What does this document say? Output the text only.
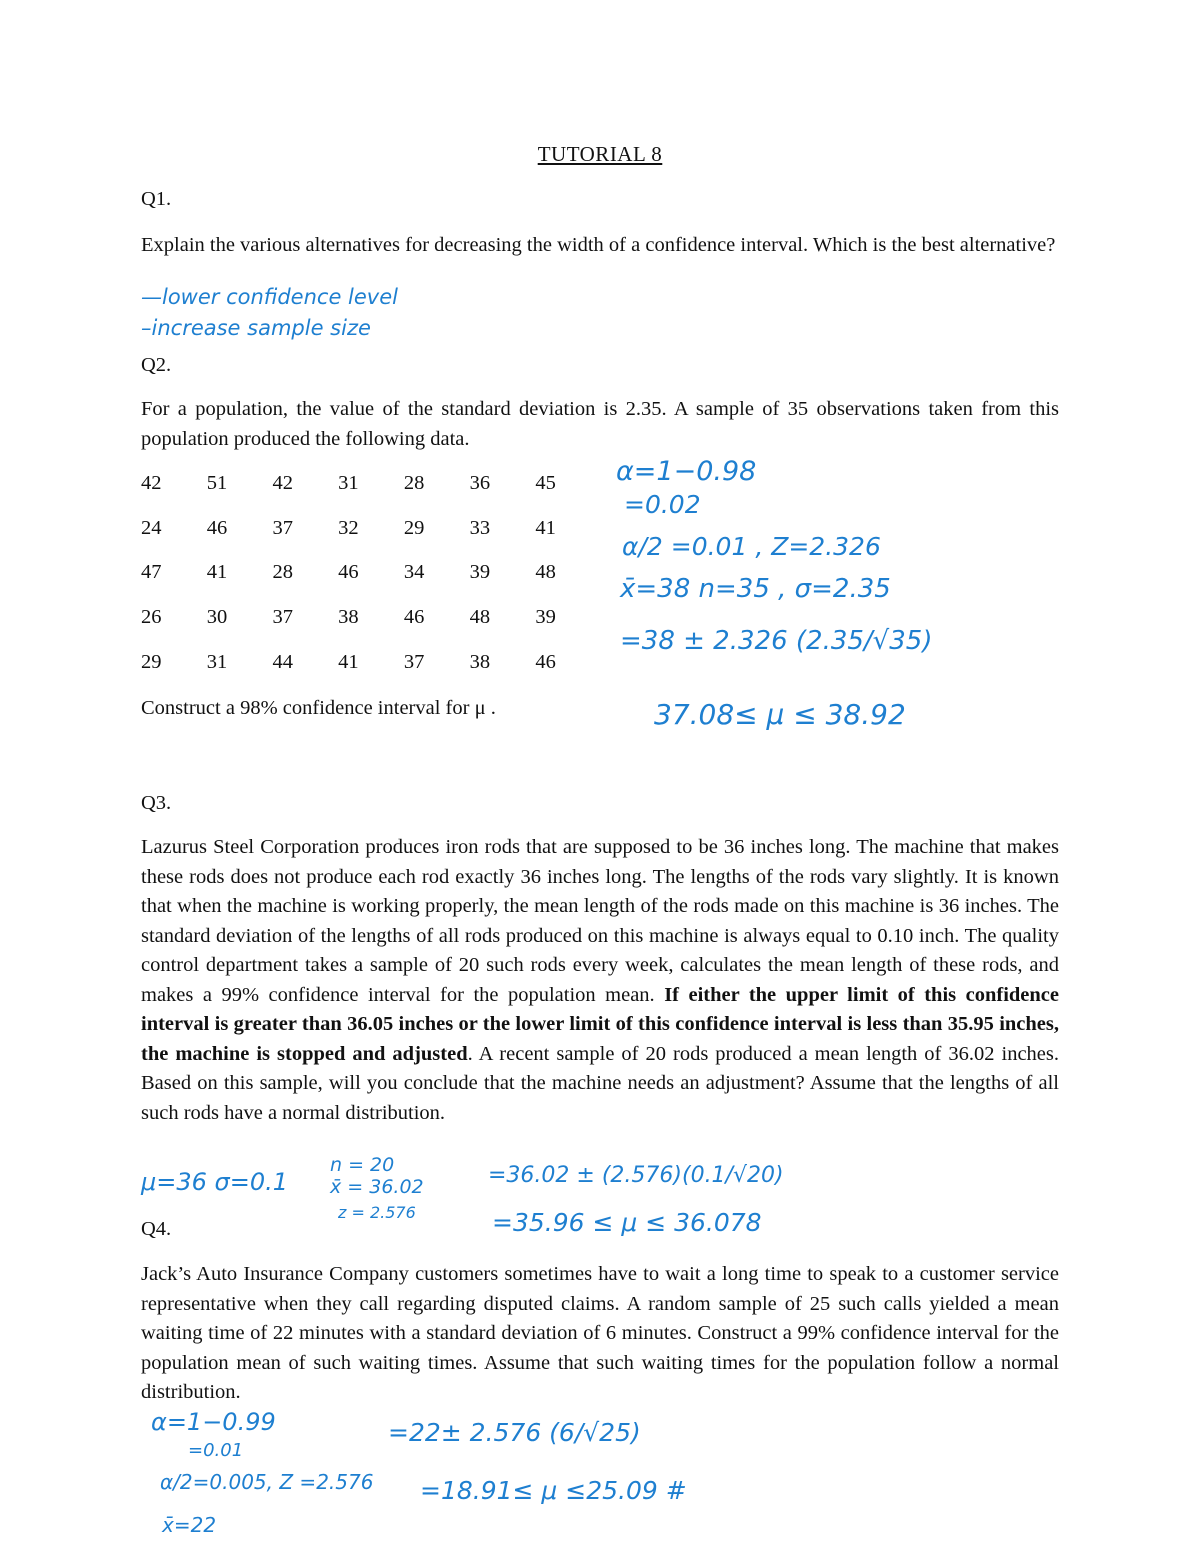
TUTORIAL 8
Q1.
Explain the various alternatives for decreasing the width of a confidence interval. Which is the best alternative?
—lower confidence level
–increase sample size
Q2.
For a population, the value of the standard deviation is 2.35. A sample of 35 observations taken from this population produced the following data.
42	51	42	31	28	36	45
24	46	37	32	29	33	41
47	41	28	46	34	39	48
26	30	37	38	46	48	39
29	31	44	41	37	38	46
Construct a 98% confidence interval for μ .
α=1−0.98
=0.02
α/2 =0.01 , Z=2.326
x̄=38 n=35 , σ=2.35
=38 ± 2.326 (2.35/√35)
37.08≤ μ ≤ 38.92
Q3.
Lazurus Steel Corporation produces iron rods that are supposed to be 36 inches long. The machine that makes these rods does not produce each rod exactly 36 inches long. The lengths of the rods vary slightly. It is known that when the machine is working properly, the mean length of the rods made on this machine is 36 inches. The standard deviation of the lengths of all rods produced on this machine is always equal to 0.10 inch. The quality control department takes a sample of 20 such rods every week, calculates the mean length of these rods, and makes a 99% confidence interval for the population mean. If either the upper limit of this confidence interval is greater than 36.05 inches or the lower limit of this confidence interval is less than 35.95 inches, the machine is stopped and adjusted. A recent sample of 20 rods produced a mean length of 36.02 inches. Based on this sample, will you conclude that the machine needs an adjustment? Assume that the lengths of all such rods have a normal distribution.
μ=36 σ=0.1
n = 20
x̄ = 36.02
z = 2.576
=36.02 ± (2.576)(0.1/√20)
=35.96 ≤ μ ≤ 36.078
Q4.
Jack’s Auto Insurance Company customers sometimes have to wait a long time to speak to a customer service representative when they call regarding disputed claims. A random sample of 25 such calls yielded a mean waiting time of 22 minutes with a standard deviation of 6 minutes. Construct a 99% confidence interval for the population mean of such waiting times. Assume that such waiting times for the population follow a normal distribution.
α=1−0.99
=0.01
α/2=0.005, Z =2.576
x̄=22
=22± 2.576 (6/√25)
=18.91≤ μ ≤25.09 #
